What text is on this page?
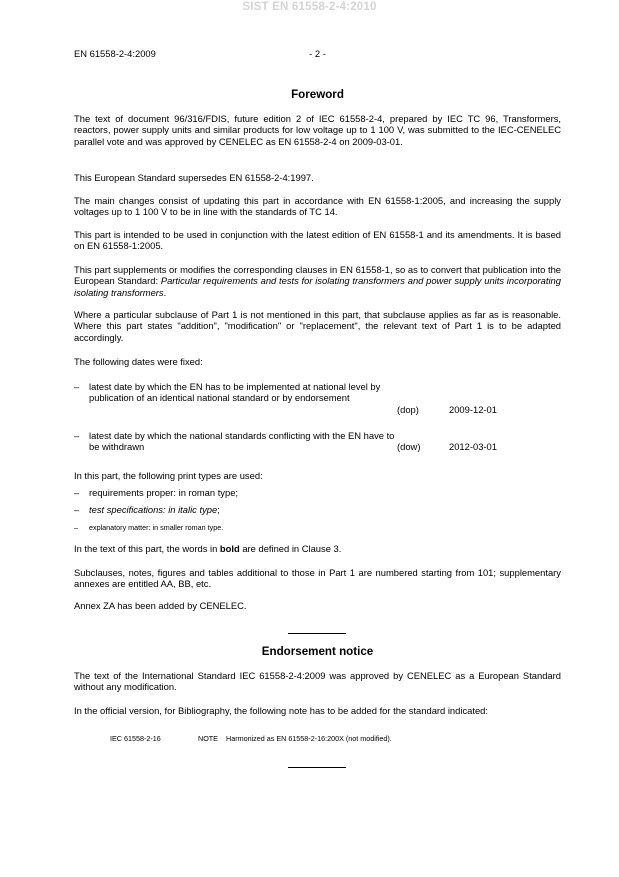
SIST EN 61558-2-4:2010
EN 61558-2-4:2009	- 2 -
Foreword

The text of document 96/316/FDIS, future edition 2 of IEC 61558-2-4, prepared by IEC TC 96, Transformers, reactors, power supply units and similar products for low voltage up to 1 100 V, was submitted to the IEC-CENELEC parallel vote and was approved by CENELEC as EN 61558-2-4 on 2009-03-01.

This European Standard supersedes EN 61558-2-4:1997.

The main changes consist of updating this part in accordance with EN 61558-1:2005, and increasing the supply voltages up to 1 100 V to be in line with the standards of TC 14.

This part is intended to be used in conjunction with the latest edition of EN 61558-1 and its amendments. It is based on EN 61558-1:2005.

This part supplements or modifies the corresponding clauses in EN 61558-1, so as to convert that publication into the European Standard: Particular requirements and tests for isolating transformers and power supply units incorporating isolating transformers.

Where a particular subclause of Part 1 is not mentioned in this part, that subclause applies as far as is reasonable. Where this part states "addition", "modification" or "replacement", the relevant text of Part 1 is to be adapted accordingly.

The following dates were fixed:

– latest date by which the EN has to be implemented at national level by publication of an identical national standard or by endorsement
(dop)	2009-12-01
– latest date by which the national standards conflicting with the EN have to be withdrawn	(dow)	2012-03-01

In this part, the following print types are used:

– requirements proper: in roman type;
– test specifications: in italic type;
– explanatory matter: in smaller roman type.

In the text of this part, the words in bold are defined in Clause 3.

Subclauses, notes, figures and tables additional to those in Part 1 are numbered starting from 101; supplementary annexes are entitled AA, BB, etc.

Annex ZA has been added by CENELEC.

Endorsement notice

The text of the International Standard IEC 61558-2-4:2009 was approved by CENELEC as a European Standard without any modification.

In the official version, for Bibliography, the following note has to be added for the standard indicated:

IEC 61558-2-16	NOTE Harmonized as EN 61558-2-16:200X (not modified).
